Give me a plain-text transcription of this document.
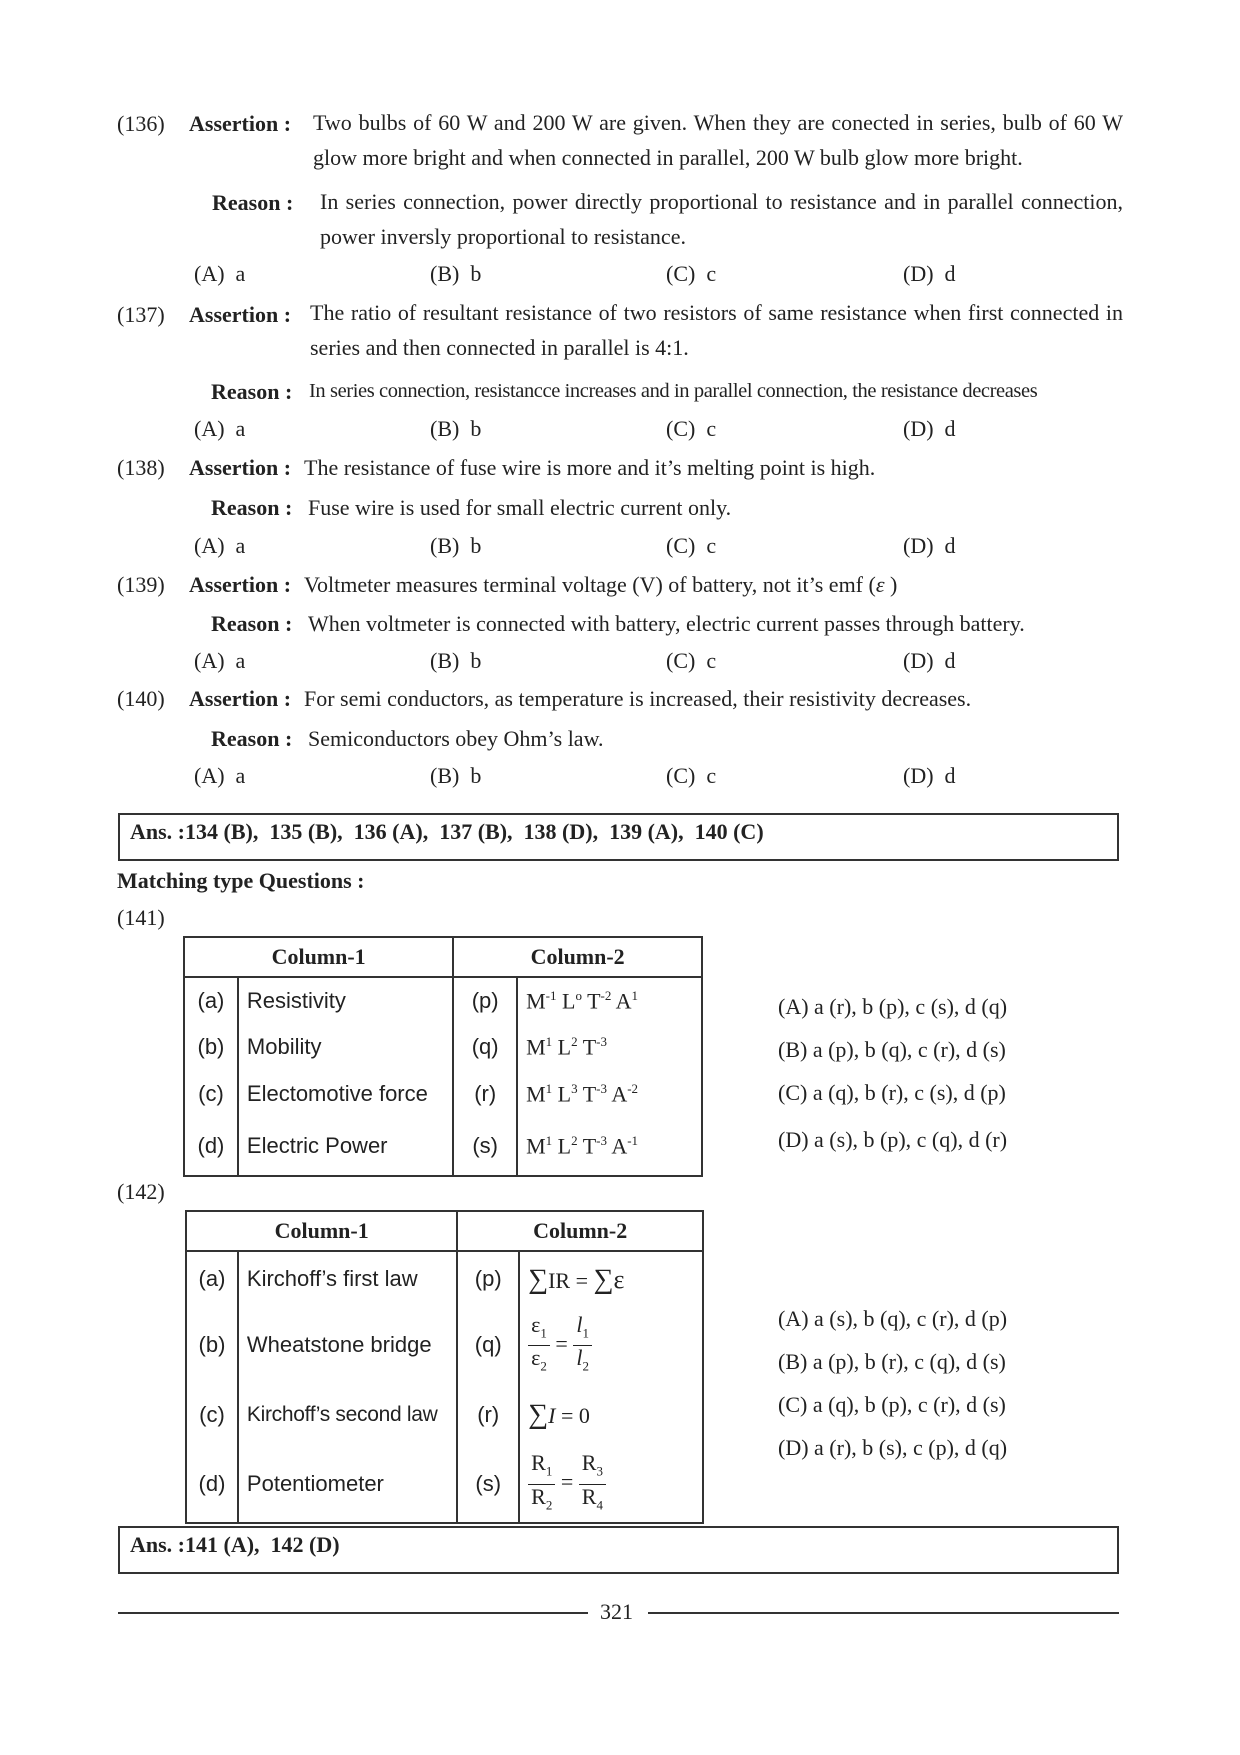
(136) Assertion : Two bulbs of 60 W and 200 W are given. When they are conected in series, bulb of 60 W glow more bright and when connected in parallel, 200 W bulb glow more bright.
Reason : In series connection, power directly proportional to resistance and in parallel connection, power inversly proportional to resistance.
(A) a	(B) b	(C) c	(D) d
(137) Assertion : The ratio of resultant resistance of two resistors of same resistance when first connected in series and then connected in parallel is 4:1.
Reason : In series connection, resistancce increases and in parallel connection, the resistance decreases
(A) a	(B) b	(C) c	(D) d
(138) Assertion : The resistance of fuse wire is more and it’s melting point is high.
Reason : Fuse wire is used for small electric current only.
(A) a	(B) b	(C) c	(D) d
(139) Assertion : Voltmeter measures terminal voltage (V) of battery, not it’s emf (ε )
Reason : When voltmeter is connected with battery, electric current passes through battery.
(A) a	(B) b	(C) c	(D) d
(140) Assertion : For semi conductors, as temperature is increased, their resistivity decreases.
Reason : Semiconductors obey Ohm’s law.
(A) a	(B) b	(C) c	(D) d
Ans. :134 (B),  135 (B),  136 (A),  137 (B),  138 (D),  139 (A),  140 (C)
Matching type Questions :
(141)
Column-1		Column-2	
(a)	Resistivity	(p)	$M^{-1}$ $L^o$ $T^{-2}$ $A^1$
(b)	Mobility	(q)	$M^1$ $L^2$ $T^{-3}$
(c)	Electomotive force	(r)	$M^1$ $L^3$ $T^{-3}$ $A^{-2}$
(d)	Electric Power	(s)	$M^1$ $L^2$ $T^{-3}$ $A^{-1}$
(A) a (r), b (p), c (s), d (q)
(B) a (p), b (q), c (r), d (s)
(C) a (q), b (r), c (s), d (p)
(D) a (s), b (p), c (q), d (r)
(142)
Column-1		Column-2	
(a)	Kirchoff’s first law	(p)	∑IR = ∑ε
(b)	Wheatstone bridge	(q)	$\frac{\varepsilon_1}{\varepsilon_2} = \frac{l_1}{l_2}$

(c)	Kirchoff’s second law	(r)	∑I = 0
(d)	Potentiometer	(s)	$\frac{R_1}{R_2} = \frac{R_3}{R_4}$
(A) a (s), b (q), c (r), d (p)
(B) a (p), b (r), c (q), d (s)
(C) a (q), b (p), c (r), d (s)
(D) a (r), b (s), c (p), d (q)
Ans. :141 (A),  142 (D)
321
